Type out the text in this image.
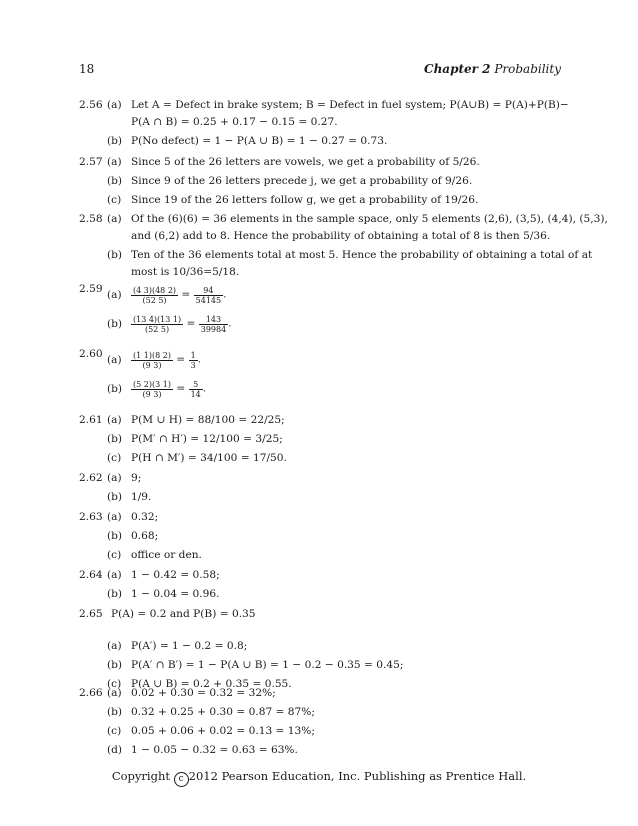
18	Chapter 2 Probability
2.56 (a) Let A = Defect in brake system; B = Defect in fuel system; P(A∪B) = P(A)+P(B)−
P(A ∩ B) = 0.25 + 0.17 − 0.15 = 0.27.
(b) P(No defect) = 1 − P(A ∪ B) = 1 − 0.27 = 0.73.
2.57 (a) Since 5 of the 26 letters are vowels, we get a probability of 5/26.
(b) Since 9 of the 26 letters precede j, we get a probability of 9/26.
(c) Since 19 of the 26 letters follow g, we get a probability of 19/26.
2.58 (a) Of the (6)(6) = 36 elements in the sample space, only 5 elements (2,6), (3,5), (4,4), (5,3),
and (6,2) add to 8. Hence the probability of obtaining a total of 8 is then 5/36.
(b) Ten of the 36 elements total at most 5. Hence the probability of obtaining a total of at
most is 10/36=5/18.
2.59 $(a) \frac{(4 3)(48 2)}{(52 5)} = \frac{94}{54145}$ .
$(b) \frac{(13 4)(13 1)}{(52 5)} = \frac{143}{39984}$ .
2.60 $(a) \frac{(1 1)(8 2)}{(9 3)} = \frac{1}{3}$ .
$(b) \frac{(5 2)(3 1)}{(9 3)} = \frac{5}{14}$ .
2.61 (a) P(M ∪ H) = 88/100 = 22/25;
(b) P(M′ ∩ H′) = 12/100 = 3/25;
(c) P(H ∩ M′) = 34/100 = 17/50.
2.62 (a) 9;
(b) 1/9.
2.63 (a) 0.32;
(b) 0.68;
(c) office or den.
2.64 (a) 1 − 0.42 = 0.58;
(b) 1 − 0.04 = 0.96.
2.65 P(A) = 0.2 and P(B) = 0.35
(a) P(A′) = 1 − 0.2 = 0.8;
(b) P(A′ ∩ B′) = 1 − P(A ∪ B) = 1 − 0.2 − 0.35 = 0.45;
(c) P(A ∪ B) = 0.2 + 0.35 = 0.55.
2.66 (a) 0.02 + 0.30 = 0.32 = 32%;
(b) 0.32 + 0.25 + 0.30 = 0.87 = 87%;
(c) 0.05 + 0.06 + 0.02 = 0.13 = 13%;
(d) 1 − 0.05 − 0.32 = 0.63 = 63%.
Copyright c 2012 Pearson Education, Inc. Publishing as Prentice Hall.
